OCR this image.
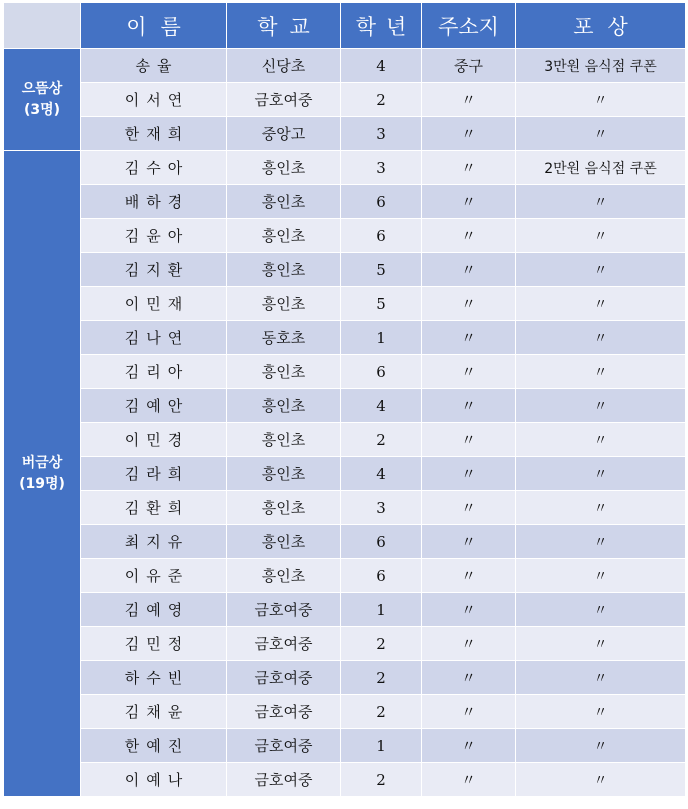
	이름	학교	학년	주소지	포상

으뜸상
(3명)	송율	신당초	4	중구	3만원 음식점 쿠폰
	이서연	금호여중	2	〃	〃
	한재희	중앙고	3	〃	〃

버금상
(19명)	김수아	흥인초	3	〃	2만원 음식점 쿠폰
	배하경	흥인초	6	〃	〃
	김윤아	흥인초	6	〃	〃
	김지환	흥인초	5	〃	〃
	이민재	흥인초	5	〃	〃
	김나연	동호초	1	〃	〃
	김리아	흥인초	6	〃	〃
	김예안	흥인초	4	〃	〃
	이민경	흥인초	2	〃	〃
	김라희	흥인초	4	〃	〃
	김환희	흥인초	3	〃	〃
	최지유	흥인초	6	〃	〃
	이유준	흥인초	6	〃	〃
	김예영	금호여중	1	〃	〃
	김민정	금호여중	2	〃	〃
	하수빈	금호여중	2	〃	〃
	김채윤	금호여중	2	〃	〃
	한예진	금호여중	1	〃	〃
	이예나	금호여중	2	〃	〃
